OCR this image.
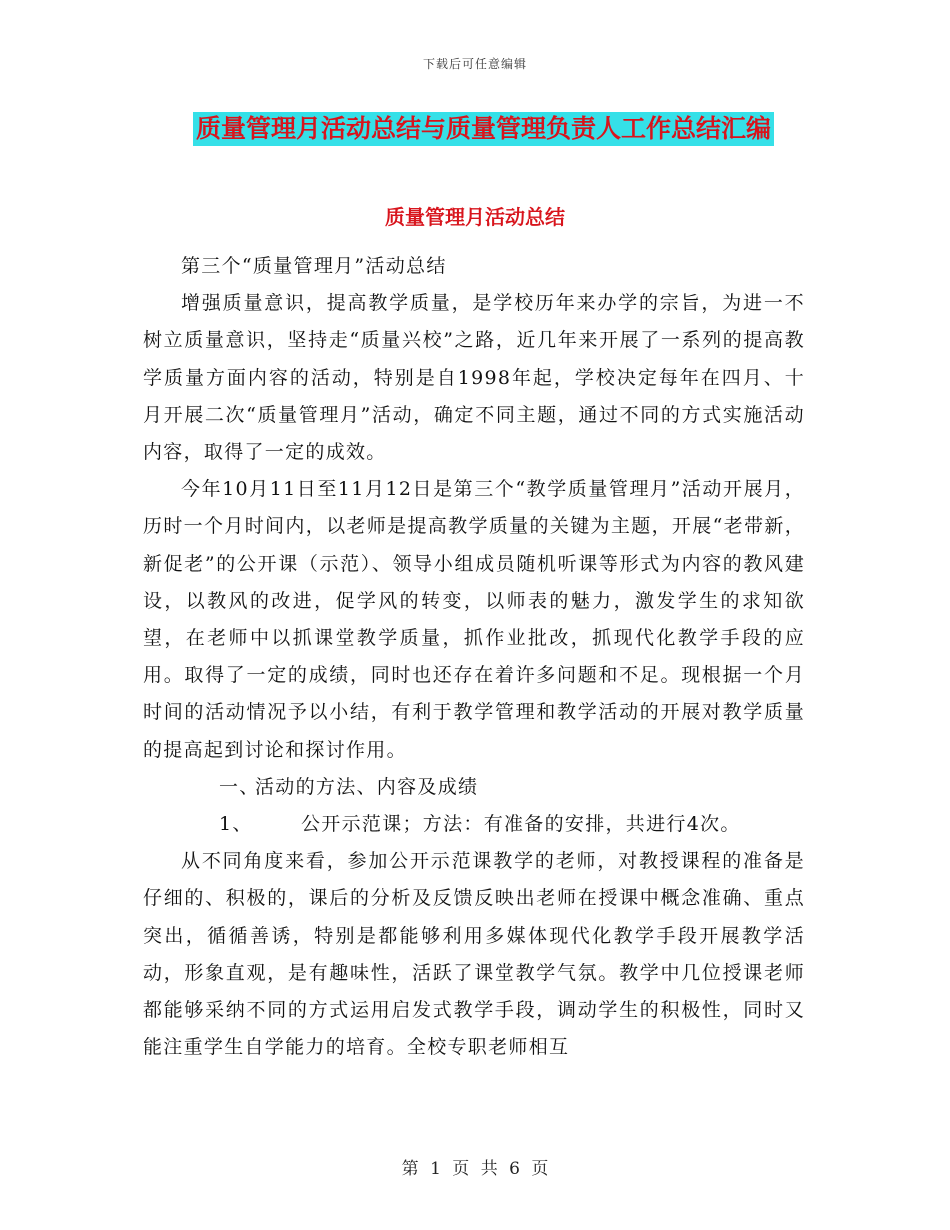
下载后可任意编辑
质量管理月活动总结与质量管理负责人工作总结汇编
质量管理月活动总结

第三个“质量管理月”活动总结

增强质量意识，提高教学质量，是学校历年来办学的宗旨，为进一不树立质量意识，坚持走“质量兴校”之路，近几年来开展了一系列的提高教学质量方面内容的活动，特别是自1998年起，学校决定每年在四月、十月开展二次“质量管理月”活动，确定不同主题，通过不同的方式实施活动内容，取得了一定的成效。

今年10月11日至11月12日是第三个“教学质量管理月”活动开展月，历时一个月时间内，以老师是提高教学质量的关键为主题，开展“老带新，新促老”的公开课（示范）、领导小组成员随机听课等形式为内容的教风建设，以教风的改进，促学风的转变，以师表的魅力，激发学生的求知欲望，在老师中以抓课堂教学质量，抓作业批改，抓现代化教学手段的应用。取得了一定的成绩，同时也还存在着许多问题和不足。现根据一个月时间的活动情况予以小结，有利于教学管理和教学活动的开展对教学质量的提高起到讨论和探讨作用。

一、活动的方法、内容及成绩

1、	公开示范课；方法：有准备的安排，共进行4次。

从不同角度来看，参加公开示范课教学的老师，对教授课程的准备是仔细的、积极的，课后的分析及反馈反映出老师在授课中概念准确、重点突出，循循善诱，特别是都能够利用多媒体现代化教学手段开展教学活动，形象直观，是有趣味性，活跃了课堂教学气氛。教学中几位授课老师都能够采纳不同的方式运用启发式教学手段，调动学生的积极性，同时又能注重学生自学能力的培育。全校专职老师相互

第 1 页 共 6 页
